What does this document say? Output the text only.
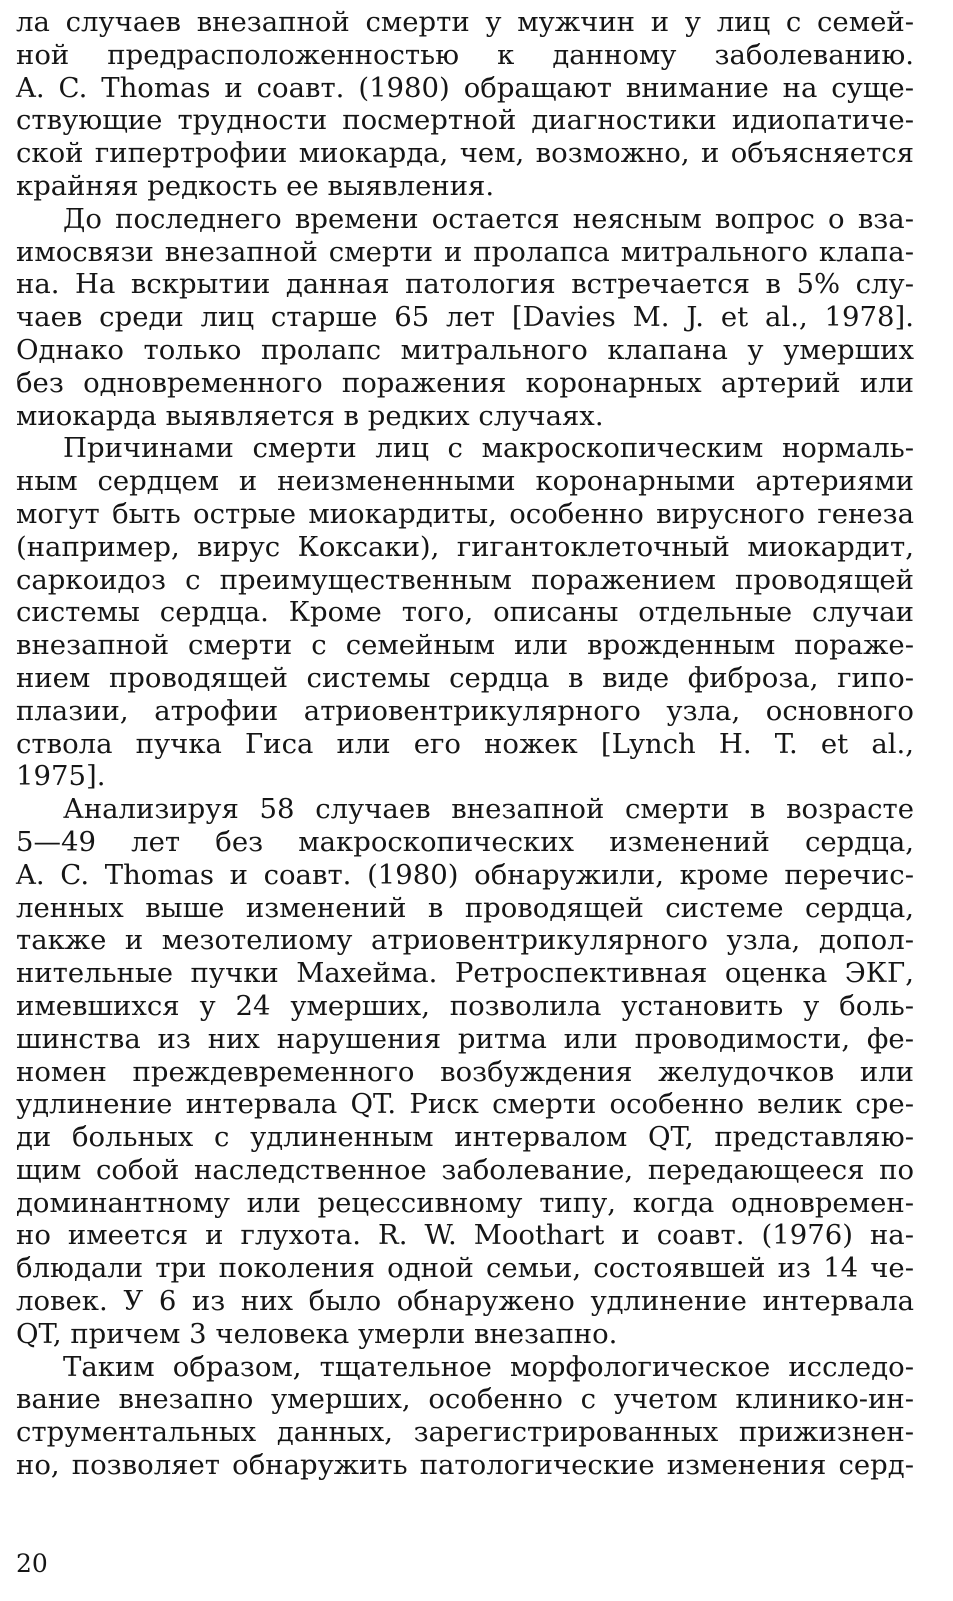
ла случаев внезапной смерти у мужчин и у лиц с семей-
ной предрасположенностью к данному заболеванию.
A. C. Thomas и соавт. (1980) обращают внимание на суще-
ствующие трудности посмертной диагностики идиопатиче-
ской гипертрофии миокарда, чем, возможно, и объясняется
крайняя редкость ее выявления.
До последнего времени остается неясным вопрос о вза-
имосвязи внезапной смерти и пролапса митрального клапа-
на. На вскрытии данная патология встречается в 5% слу-
чаев среди лиц старше 65 лет [Davies M. J. et al., 1978].
Однако только пролапс митрального клапана у умерших
без одновременного поражения коронарных артерий или
миокарда выявляется в редких случаях.
Причинами смерти лиц с макроскопическим нормаль-
ным сердцем и неизмененными коронарными артериями
могут быть острые миокардиты, особенно вирусного генеза
(например, вирус Коксаки), гигантоклеточный миокардит,
саркоидоз с преимущественным поражением проводящей
системы сердца. Кроме того, описаны отдельные случаи
внезапной смерти с семейным или врожденным пораже-
нием проводящей системы сердца в виде фиброза, гипо-
плазии, атрофии атриовентрикулярного узла, основного
ствола пучка Гиса или его ножек [Lynch H. T. et al.,
1975].
Анализируя 58 случаев внезапной смерти в возрасте
5—49 лет без макроскопических изменений сердца,
A. C. Thomas и соавт. (1980) обнаружили, кроме перечис-
ленных выше изменений в проводящей системе сердца,
также и мезотелиому атриовентрикулярного узла, допол-
нительные пучки Махейма. Ретроспективная оценка ЭКГ,
имевшихся у 24 умерших, позволила установить у боль-
шинства из них нарушения ритма или проводимости, фе-
номен преждевременного возбуждения желудочков или
удлинение интервала QT. Риск смерти особенно велик сре-
ди больных с удлиненным интервалом QT, представляю-
щим собой наследственное заболевание, передающееся по
доминантному или рецессивному типу, когда одновремен-
но имеется и глухота. R. W. Moothart и соавт. (1976) на-
блюдали три поколения одной семьи, состоявшей из 14 че-
ловек. У 6 из них было обнаружено удлинение интервала
QT, причем 3 человека умерли внезапно.
Таким образом, тщательное морфологическое исследо-
вание внезапно умерших, особенно с учетом клинико-ин-
струментальных данных, зарегистрированных прижизнен-
но, позволяет обнаружить патологические изменения серд-
20
